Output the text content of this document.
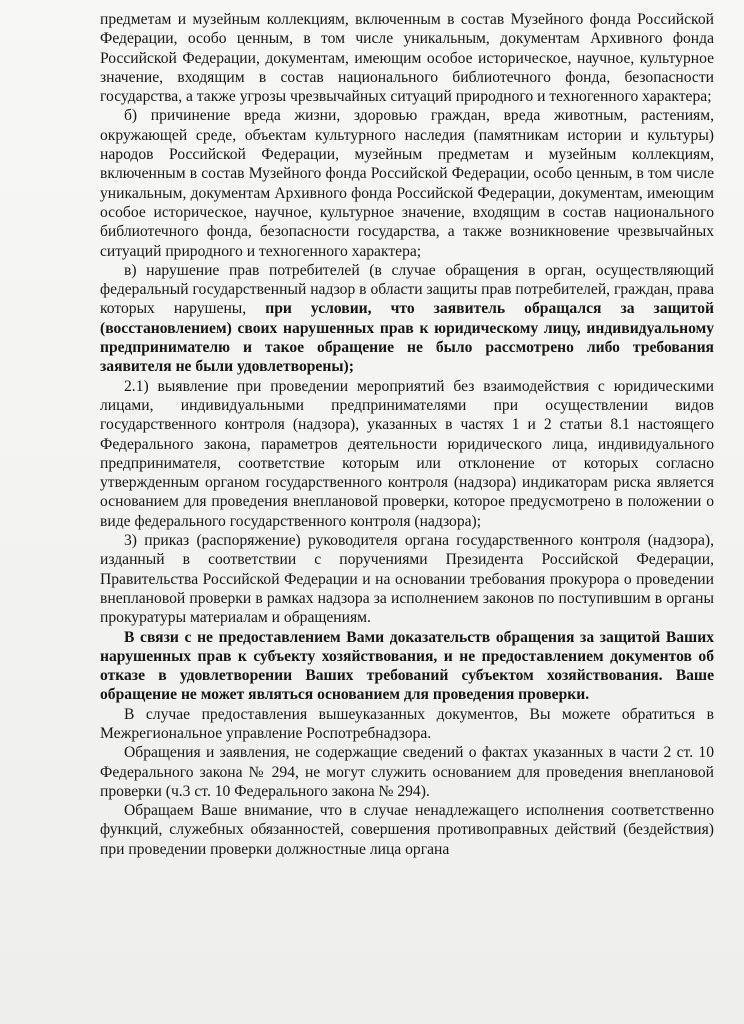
предметам и музейным коллекциям, включенным в состав Музейного фонда Российской Федерации, особо ценным, в том числе уникальным, документам Архивного фонда Российской Федерации, документам, имеющим особое историческое, научное, культурное значение, входящим в состав национального библиотечного фонда, безопасности государства, а также угрозы чрезвычайных ситуаций природного и техногенного характера;

б) причинение вреда жизни, здоровью граждан, вреда животным, растениям, окружающей среде, объектам культурного наследия (памятникам истории и культуры) народов Российской Федерации, музейным предметам и музейным коллекциям, включенным в состав Музейного фонда Российской Федерации, особо ценным, в том числе уникальным, документам Архивного фонда Российской Федерации, документам, имеющим особое историческое, научное, культурное значение, входящим в состав национального библиотечного фонда, безопасности государства, а также возникновение чрезвычайных ситуаций природного и техногенного характера;

в) нарушение прав потребителей (в случае обращения в орган, осуществляющий федеральный государственный надзор в области защиты прав потребителей, граждан, права которых нарушены, при условии, что заявитель обращался за защитой (восстановлением) своих нарушенных прав к юридическому лицу, индивидуальному предпринимателю и такое обращение не было рассмотрено либо требования заявителя не были удовлетворены);

2.1) выявление при проведении мероприятий без взаимодействия с юридическими лицами, индивидуальными предпринимателями при осуществлении видов государственного контроля (надзора), указанных в частях 1 и 2 статьи 8.1 настоящего Федерального закона, параметров деятельности юридического лица, индивидуального предпринимателя, соответствие которым или отклонение от которых согласно утвержденным органом государственного контроля (надзора) индикаторам риска является основанием для проведения внеплановой проверки, которое предусмотрено в положении о виде федерального государственного контроля (надзора);

3) приказ (распоряжение) руководителя органа государственного контроля (надзора), изданный в соответствии с поручениями Президента Российской Федерации, Правительства Российской Федерации и на основании требования прокурора о проведении внеплановой проверки в рамках надзора за исполнением законов по поступившим в органы прокуратуры материалам и обращениям.

В связи с не предоставлением Вами доказательств обращения за защитой Ваших нарушенных прав к субъекту хозяйствования, и не предоставлением документов об отказе в удовлетворении Ваших требований субъектом хозяйствования. Ваше обращение не может являться основанием для проведения проверки.

В случае предоставления вышеуказанных документов, Вы можете обратиться в Межрегиональное управление Роспотребнадзора.

Обращения и заявления, не содержащие сведений о фактах указанных в части 2 ст. 10 Федерального закона № 294, не могут служить основанием для проведения внеплановой проверки (ч.3 ст. 10 Федерального закона № 294).

Обращаем Ваше внимание, что в случае ненадлежащего исполнения соответственно функций, служебных обязанностей, совершения противоправных действий (бездействия) при проведении проверки должностные лица органа
